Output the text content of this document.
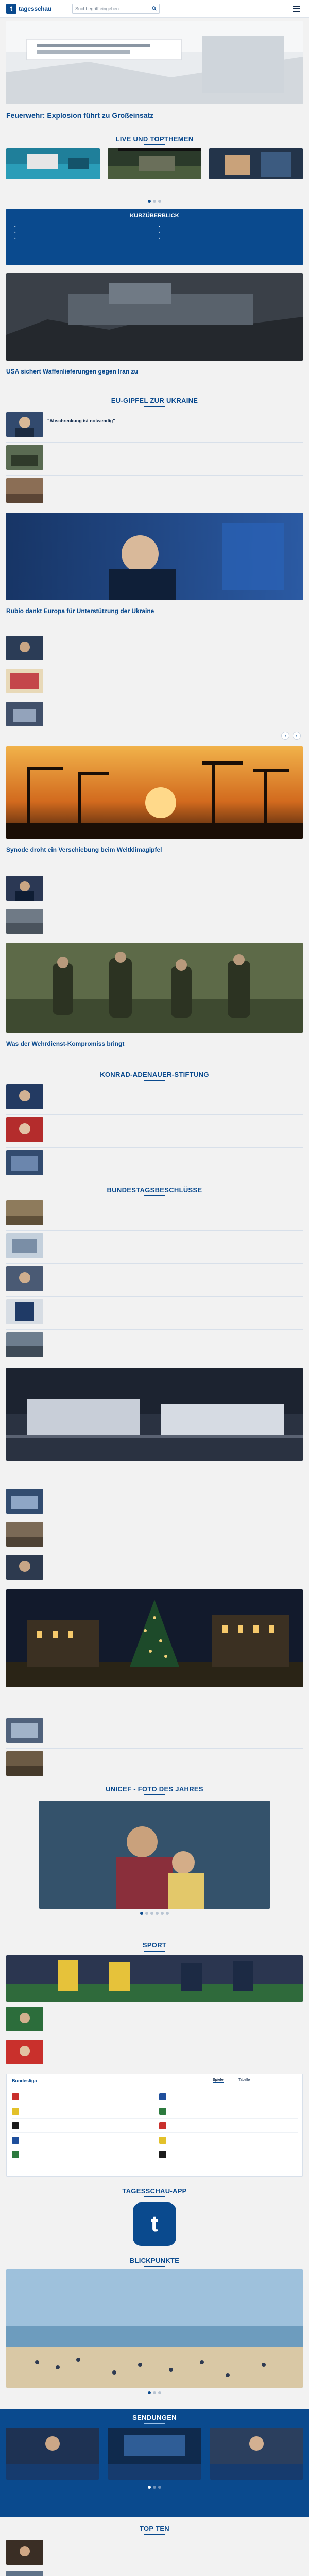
t tagesschau	Suchbegriff eingeben
Feuerwehr: Explosion führt zu Großeinsatz
LIVE UND TOPTHEMEN
KURZÜBERBLICK
▪
▪
▪
▪
▪
▪
USA sichert Waffenlieferungen gegen Iran zu
EU-GIPFEL ZUR UKRAINE
"Abschreckung ist notwendig"
Rubio dankt Europa für Unterstützung der Ukraine
‹	›
Synode droht ein Verschiebung beim Weltklimagipfel
Was der Wehrdienst-Kompromiss bringt
KONRAD-ADENAUER-STIFTUNG
BUNDESTAGSBESCHLÜSSE
UNICEF - FOTO DES JAHRES
SPORT
Bundesliga	Spiele	Tabelle
TAGESSCHAU-APP
t
BLICKPUNKTE
SENDUNGEN
TOP TEN
